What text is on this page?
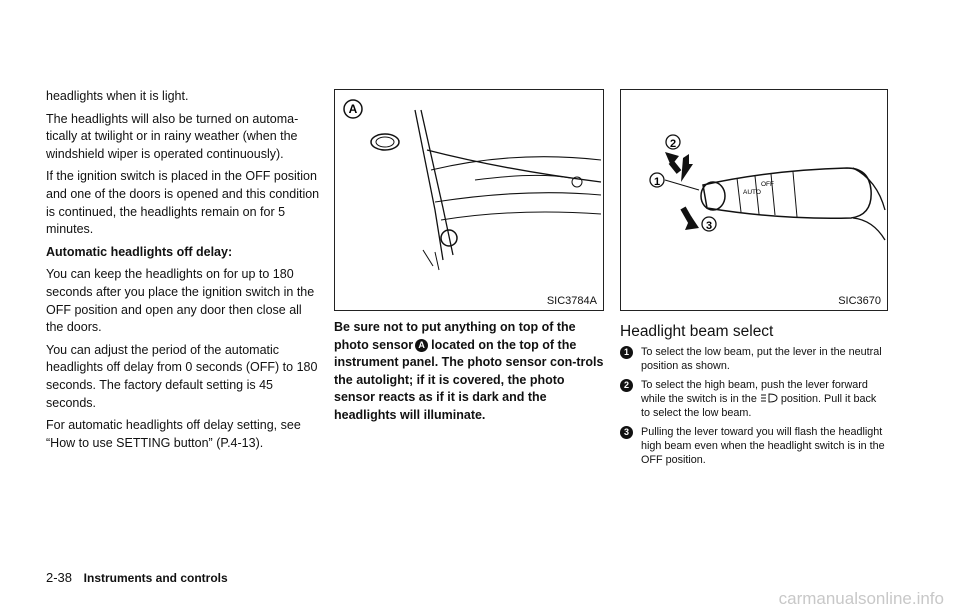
headlights when it is light.

The headlights will also be turned on automa-tically at twilight or in rainy weather (when the windshield wiper is operated continuously).

If the ignition switch is placed in the OFF position and one of the doors is opened and this condition is continued, the headlights remain on for 5 minutes.

Automatic headlights off delay:

You can keep the headlights on for up to 180 seconds after you place the ignition switch in the OFF position and open any door then close all the doors.

You can adjust the period of the automatic headlights off delay from 0 seconds (OFF) to 180 seconds. The factory default setting is 45 seconds.

For automatic headlights off delay setting, see “How to use SETTING button” (P.4-13).

A
SIC3784A
Be sure not to put anything on top of the photo sensor A located on the top of the instrument panel. The photo sensor con-trols the autolight; if it is covered, the photo sensor reacts as if it is dark and the headlights will illuminate.
AUTO
OFF
2
1
3
SIC3670
Headlight beam select
1	To select the low beam, put the lever in the neutral position as shown.
2	To select the high beam, push the lever forward while the switch is in the position. Pull it back to select the low beam.
3	Pulling the lever toward you will flash the headlight high beam even when the headlight switch is in the OFF position.
2-38 Instruments and controls
carmanualsonline.info
